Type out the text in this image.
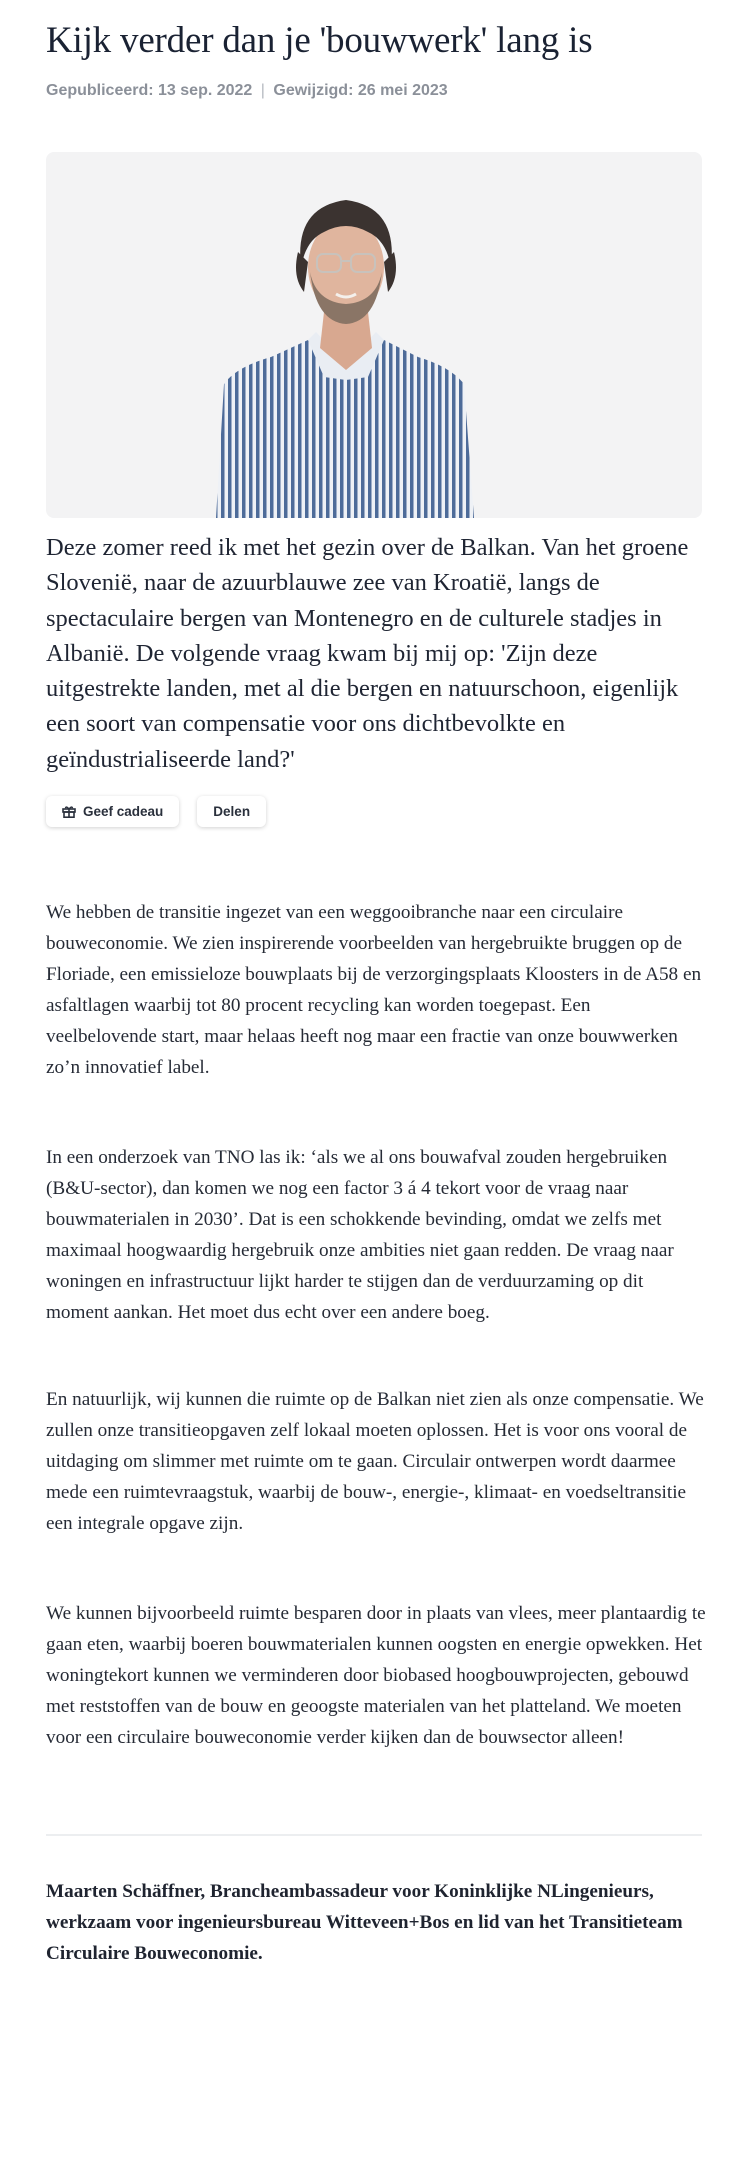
Kijk verder dan je 'bouwwerk' lang is
Gepubliceerd: 13 sep. 2022 | Gewijzigd: 26 mei 2023

Deze zomer reed ik met het gezin over de Balkan. Van het groene Slovenië, naar de azuurblauwe zee van Kroatië, langs de spectaculaire bergen van Montenegro en de culturele stadjes in Albanië. De volgende vraag kwam bij mij op: 'Zijn deze uitgestrekte landen, met al die bergen en natuurschoon, eigenlijk een soort van compensatie voor ons dichtbevolkte en geïndustrialiseerde land?'

Geef cadeau	Delen

We hebben de transitie ingezet van een weggooibranche naar een circulaire bouweconomie. We zien inspirerende voorbeelden van hergebruikte bruggen op de Floriade, een emissieloze bouwplaats bij de verzorgingsplaats Kloosters in de A58 en asfaltlagen waarbij tot 80 procent recycling kan worden toegepast. Een veelbelovende start, maar helaas heeft nog maar een fractie van onze bouwwerken zo’n innovatief label.

In een onderzoek van TNO las ik: ‘als we al ons bouwafval zouden hergebruiken (B&U-sector), dan komen we nog een factor 3 á 4 tekort voor de vraag naar bouwmaterialen in 2030’. Dat is een schokkende bevinding, omdat we zelfs met maximaal hoogwaardig hergebruik onze ambities niet gaan redden. De vraag naar woningen en infrastructuur lijkt harder te stijgen dan de verduurzaming op dit moment aankan. Het moet dus echt over een andere boeg.

En natuurlijk, wij kunnen die ruimte op de Balkan niet zien als onze compensatie. We zullen onze transitieopgaven zelf lokaal moeten oplossen. Het is voor ons vooral de uitdaging om slimmer met ruimte om te gaan. Circulair ontwerpen wordt daarmee mede een ruimtevraagstuk, waarbij de bouw-, energie-, klimaat- en voedseltransitie een integrale opgave zijn.

We kunnen bijvoorbeeld ruimte besparen door in plaats van vlees, meer plantaardig te gaan eten, waarbij boeren bouwmaterialen kunnen oogsten en energie opwekken. Het woningtekort kunnen we verminderen door biobased hoogbouwprojecten, gebouwd met reststoffen van de bouw en geoogste materialen van het platteland. We moeten voor een circulaire bouweconomie verder kijken dan de bouwsector alleen!

Maarten Schäffner, Brancheambassadeur voor Koninklijke NLingenieurs, werkzaam voor ingenieursbureau Witteveen+Bos en lid van het Transitieteam Circulaire Bouweconomie.
